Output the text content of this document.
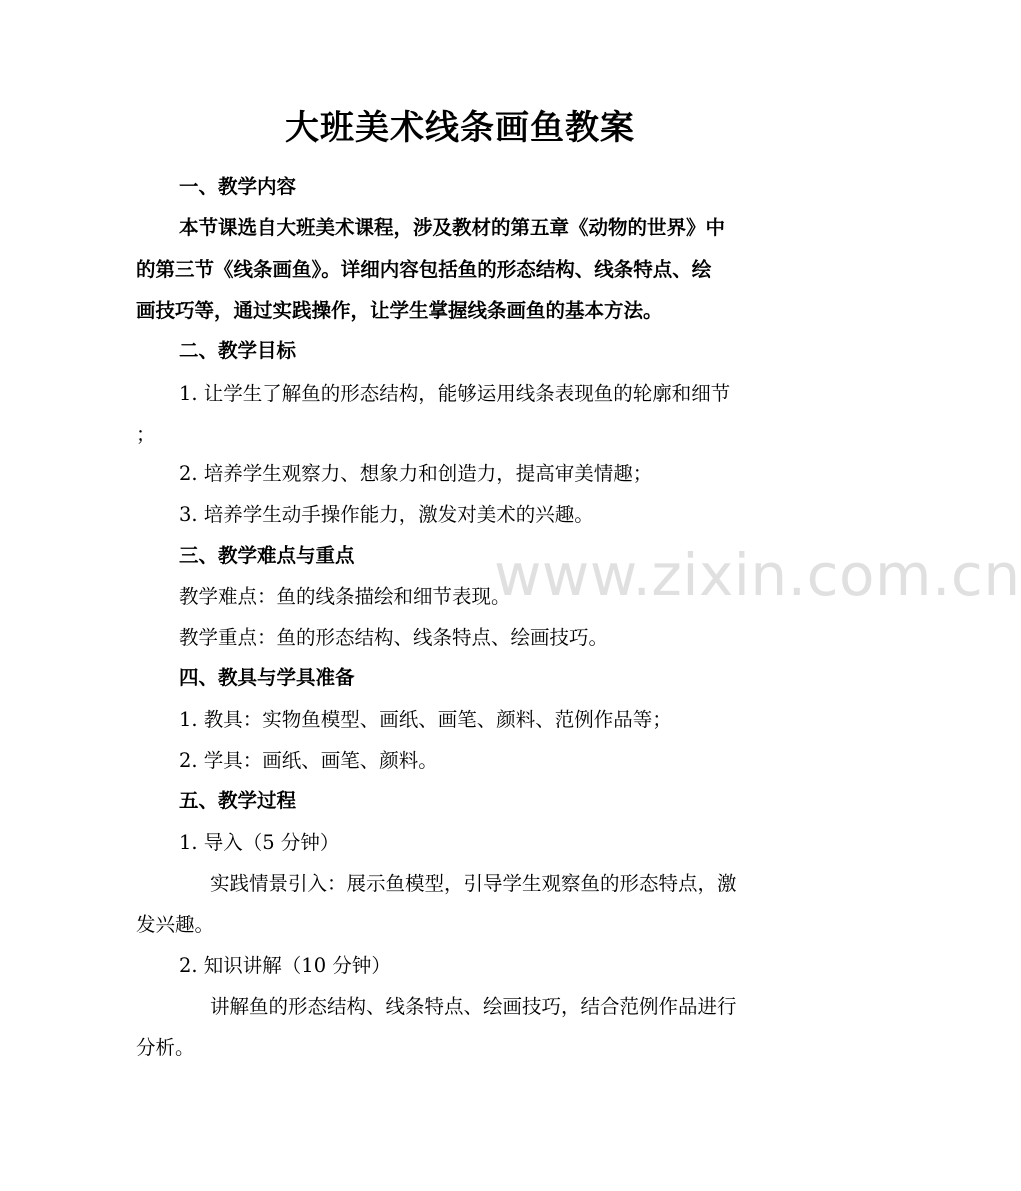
大班美术线条画鱼教案
www.zixin.com.cn
一、教学内容
本节课选自大班美术课程，涉及教材的第五章《动物的世界》中
的第三节《线条画鱼》。详细内容包括鱼的形态结构、线条特点、绘
画技巧等，通过实践操作，让学生掌握线条画鱼的基本方法。
二、教学目标
1. 让学生了解鱼的形态结构，能够运用线条表现鱼的轮廓和细节
；
2. 培养学生观察力、想象力和创造力，提高审美情趣；
3. 培养学生动手操作能力，激发对美术的兴趣。
三、教学难点与重点
教学难点：鱼的线条描绘和细节表现。
教学重点：鱼的形态结构、线条特点、绘画技巧。
四、教具与学具准备
1. 教具：实物鱼模型、画纸、画笔、颜料、范例作品等；
2. 学具：画纸、画笔、颜料。
五、教学过程
1. 导入（5 分钟）
实践情景引入：展示鱼模型，引导学生观察鱼的形态特点，激
发兴趣。
2. 知识讲解（10 分钟）
讲解鱼的形态结构、线条特点、绘画技巧，结合范例作品进行
分析。
